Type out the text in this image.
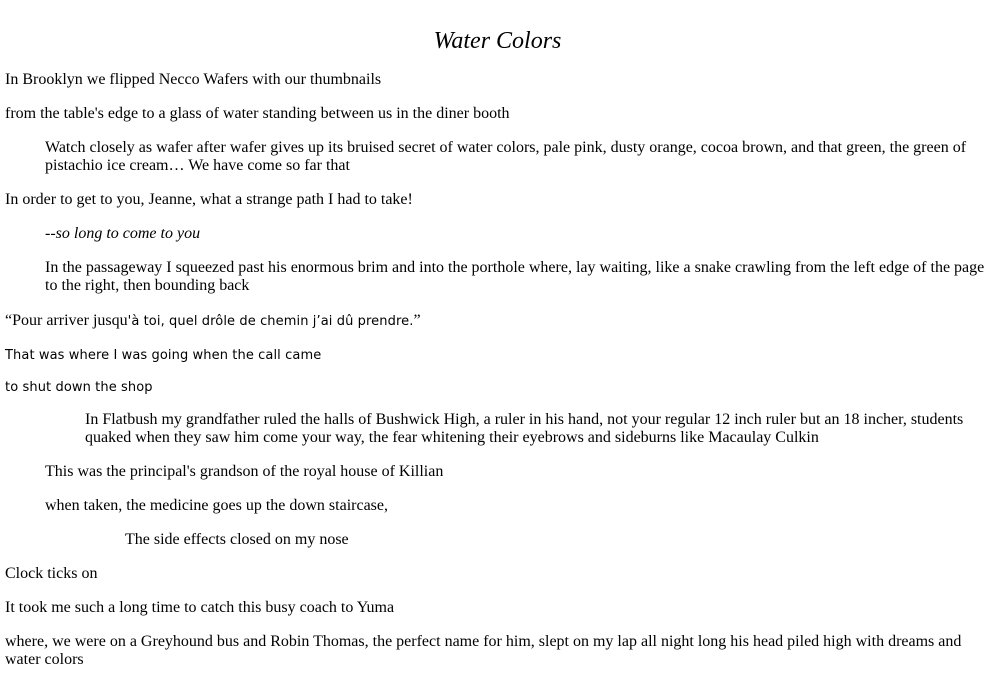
Water Colors

In Brooklyn we flipped Necco Wafers with our thumbnails

from the table's edge to a glass of water standing between us in the diner booth

Watch closely as wafer after wafer gives up its bruised secret of water colors, pale pink, dusty orange, cocoa brown, and that green, the green of pistachio ice cream… We have come so far that

In order to get to you, Jeanne, what a strange path I had to take!

--so long to come to you

In the passageway I squeezed past his enormous brim and into the porthole where, lay waiting, like a snake crawling from the left edge of the page to the right, then bounding back

“Pour arriver jusqu'à toi, quel drôle de chemin j’ai dû prendre.”

That was where I was going when the call came

to shut down the shop

In Flatbush my grandfather ruled the halls of Bushwick High, a ruler in his hand, not your regular 12 inch ruler but an 18 incher, students quaked when they saw him come your way, the fear whitening their eyebrows and sideburns like Macaulay Culkin

This was the principal's grandson of the royal house of Killian

when taken, the medicine goes up the down staircase,

The side effects closed on my nose

Clock ticks on

It took me such a long time to catch this busy coach to Yuma

where, we were on a Greyhound bus and Robin Thomas, the perfect name for him, slept on my lap all night long his head piled high with dreams and water colors
